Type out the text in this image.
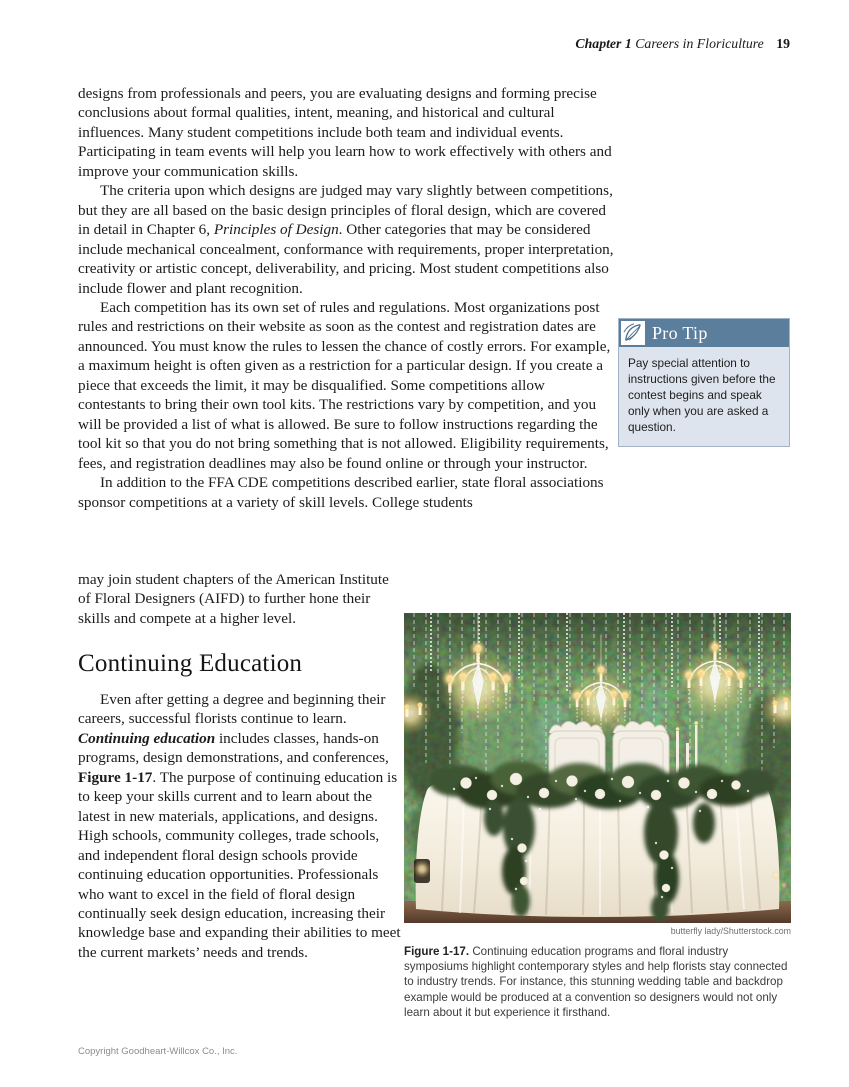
Chapter 1 Careers in Floriculture 19

designs from professionals and peers, you are evaluating designs and forming precise conclusions about formal qualities, intent, meaning, and historical and cultural influences. Many student competitions include both team and individual events. Participating in team events will help you learn how to work effectively with others and improve your communication skills.

The criteria upon which designs are judged may vary slightly between competitions, but they are all based on the basic design principles of floral design, which are covered in detail in Chapter 6, Principles of Design. Other categories that may be considered include mechanical concealment, conformance with requirements, proper interpretation, creativity or artistic concept, deliverability, and pricing. Most student competitions also include flower and plant recognition.

Each competition has its own set of rules and regulations. Most organizations post rules and restrictions on their website as soon as the contest and registration dates are announced. You must know the rules to lessen the chance of costly errors. For example, a maximum height is often given as a restriction for a particular design. If you create a piece that exceeds the limit, it may be disqualified. Some competitions allow contestants to bring their own tool kits. The restrictions vary by competition, and you will be provided a list of what is allowed. Be sure to follow instructions regarding the tool kit so that you do not bring something that is not allowed. Eligibility requirements, fees, and registration deadlines may also be found online or through your instructor.

In addition to the FFA CDE competitions described earlier, state floral associations sponsor competitions at a variety of skill levels. College students

may join student chapters of the American Institute of Floral Designers (AIFD) to further hone their skills and compete at a higher level.

Continuing Education

Even after getting a degree and beginning their careers, successful florists continue to learn. Continuing education includes classes, hands-on programs, design demonstrations, and conferences, Figure 1-17. The purpose of continuing education is to keep your skills current and to learn about the latest in new materials, applications, and designs. High schools, community colleges, trade schools, and independent floral design schools provide continuing education opportunities. Professionals who want to excel in the field of floral design continually seek design education, increasing their knowledge base and expanding their abilities to meet the current markets’ needs and trends.

Pro Tip
Pay special attention to instructions given before the contest begins and speak only when you are asked a question.
butterfly lady/Shutterstock.com
Figure 1-17. Continuing education programs and floral industry symposiums highlight contemporary styles and help florists stay connected to industry trends. For instance, this stunning wedding table and backdrop example would be produced at a convention so designers would not only learn about it but experience it firsthand.
Copyright Goodheart-Willcox Co., Inc.
